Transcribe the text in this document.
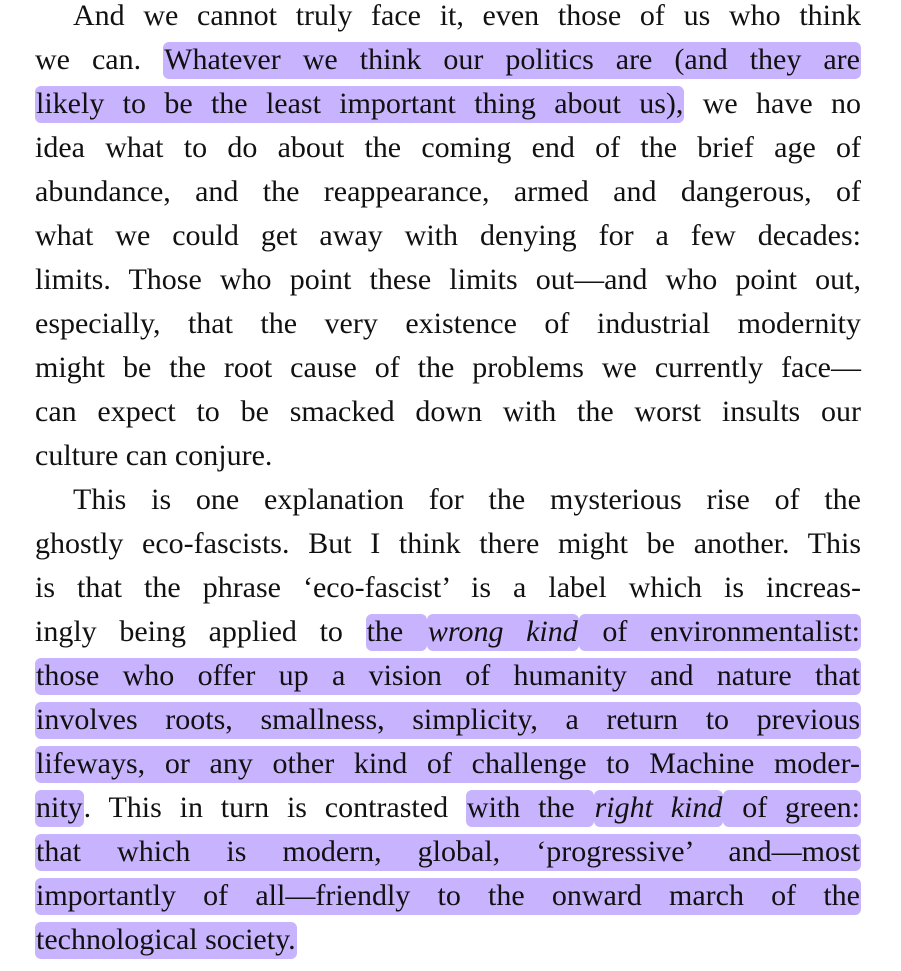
And we cannot truly face it, even those of us who think
we can. Whatever we think our politics are (and they are
likely to be the least important thing about us), we have no
idea what to do about the coming end of the brief age of
abundance, and the reappearance, armed and dangerous, of
what we could get away with denying for a few decades:
limits. Those who point these limits out—and who point out,
especially, that the very existence of industrial modernity
might be the root cause of the problems we currently face—
can expect to be smacked down with the worst insults our
culture can conjure.
This is one explanation for the mysterious rise of the
ghostly eco-fascists. But I think there might be another. This
is that the phrase ‘eco-fascist’ is a label which is increas-
ingly being applied to the wrong kind of environmentalist:
those who offer up a vision of humanity and nature that
involves roots, smallness, simplicity, a return to previous
lifeways, or any other kind of challenge to Machine moder-
nity. This in turn is contrasted with the right kind of green:
that which is modern, global, ‘progressive’ and—most
importantly of all—friendly to the onward march of the
technological society.
